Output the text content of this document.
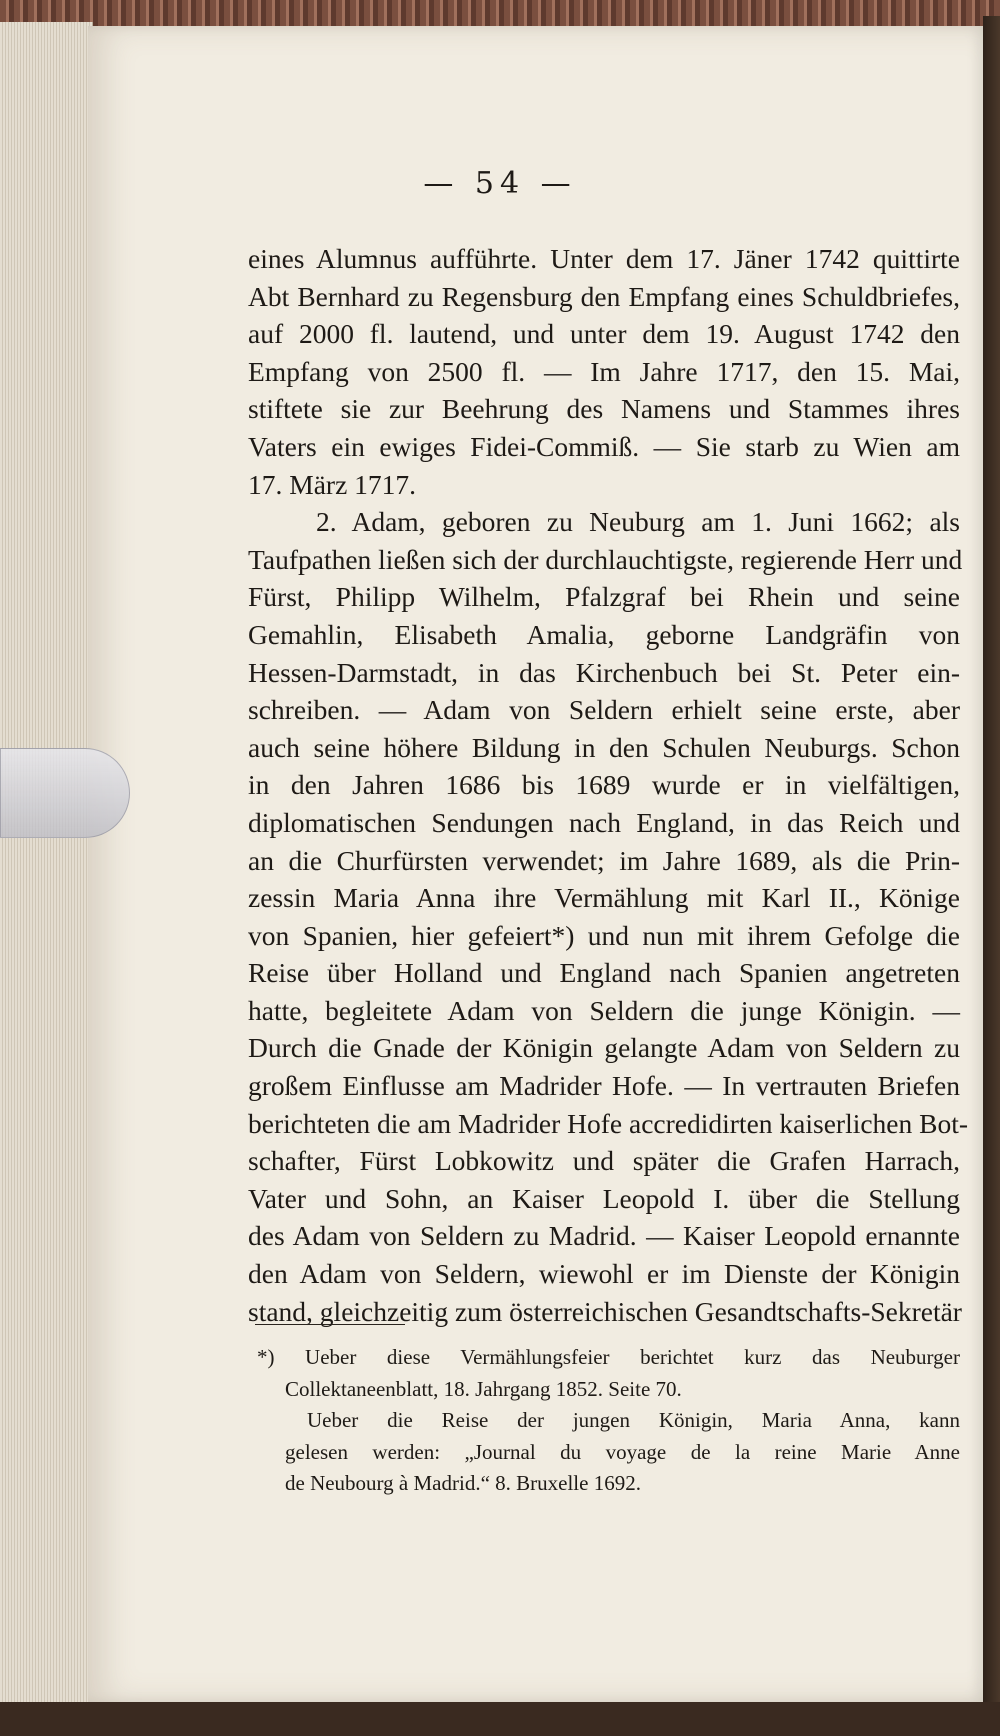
— 54 —
eines Alumnus aufführte. Unter dem 17. Jäner 1742 quittirte
Abt Bernhard zu Regensburg den Empfang eines Schuldbriefes,
auf 2000 fl. lautend, und unter dem 19. August 1742 den
Empfang von 2500 fl. — Im Jahre 1717, den 15. Mai,
stiftete sie zur Beehrung des Namens und Stammes ihres
Vaters ein ewiges Fidei-Commiß. — Sie starb zu Wien am
17. März 1717.
2. Adam, geboren zu Neuburg am 1. Juni 1662; als
Taufpathen ließen sich der durchlauchtigste, regierende Herr und
Fürst, Philipp Wilhelm, Pfalzgraf bei Rhein und seine
Gemahlin, Elisabeth Amalia, geborne Landgräfin von
Hessen-Darmstadt, in das Kirchenbuch bei St. Peter ein-
schreiben. — Adam von Seldern erhielt seine erste, aber
auch seine höhere Bildung in den Schulen Neuburgs. Schon
in den Jahren 1686 bis 1689 wurde er in vielfältigen,
diplomatischen Sendungen nach England, in das Reich und
an die Churfürsten verwendet; im Jahre 1689, als die Prin-
zessin Maria Anna ihre Vermählung mit Karl II., Könige
von Spanien, hier gefeiert*) und nun mit ihrem Gefolge die
Reise über Holland und England nach Spanien angetreten
hatte, begleitete Adam von Seldern die junge Königin. —
Durch die Gnade der Königin gelangte Adam von Seldern zu
großem Einflusse am Madrider Hofe. — In vertrauten Briefen
berichteten die am Madrider Hofe accredidirten kaiserlichen Bot-
schafter, Fürst Lobkowitz und später die Grafen Harrach,
Vater und Sohn, an Kaiser Leopold I. über die Stellung
des Adam von Seldern zu Madrid. — Kaiser Leopold ernannte
den Adam von Seldern, wiewohl er im Dienste der Königin
stand, gleichzeitig zum österreichischen Gesandtschafts-Sekretär
*) Ueber diese Vermählungsfeier berichtet kurz das Neuburger
Collektaneenblatt, 18. Jahrgang 1852. Seite 70.
Ueber die Reise der jungen Königin, Maria Anna, kann
gelesen werden: „Journal du voyage de la reine Marie Anne
de Neubourg à Madrid.“ 8. Bruxelle 1692.
